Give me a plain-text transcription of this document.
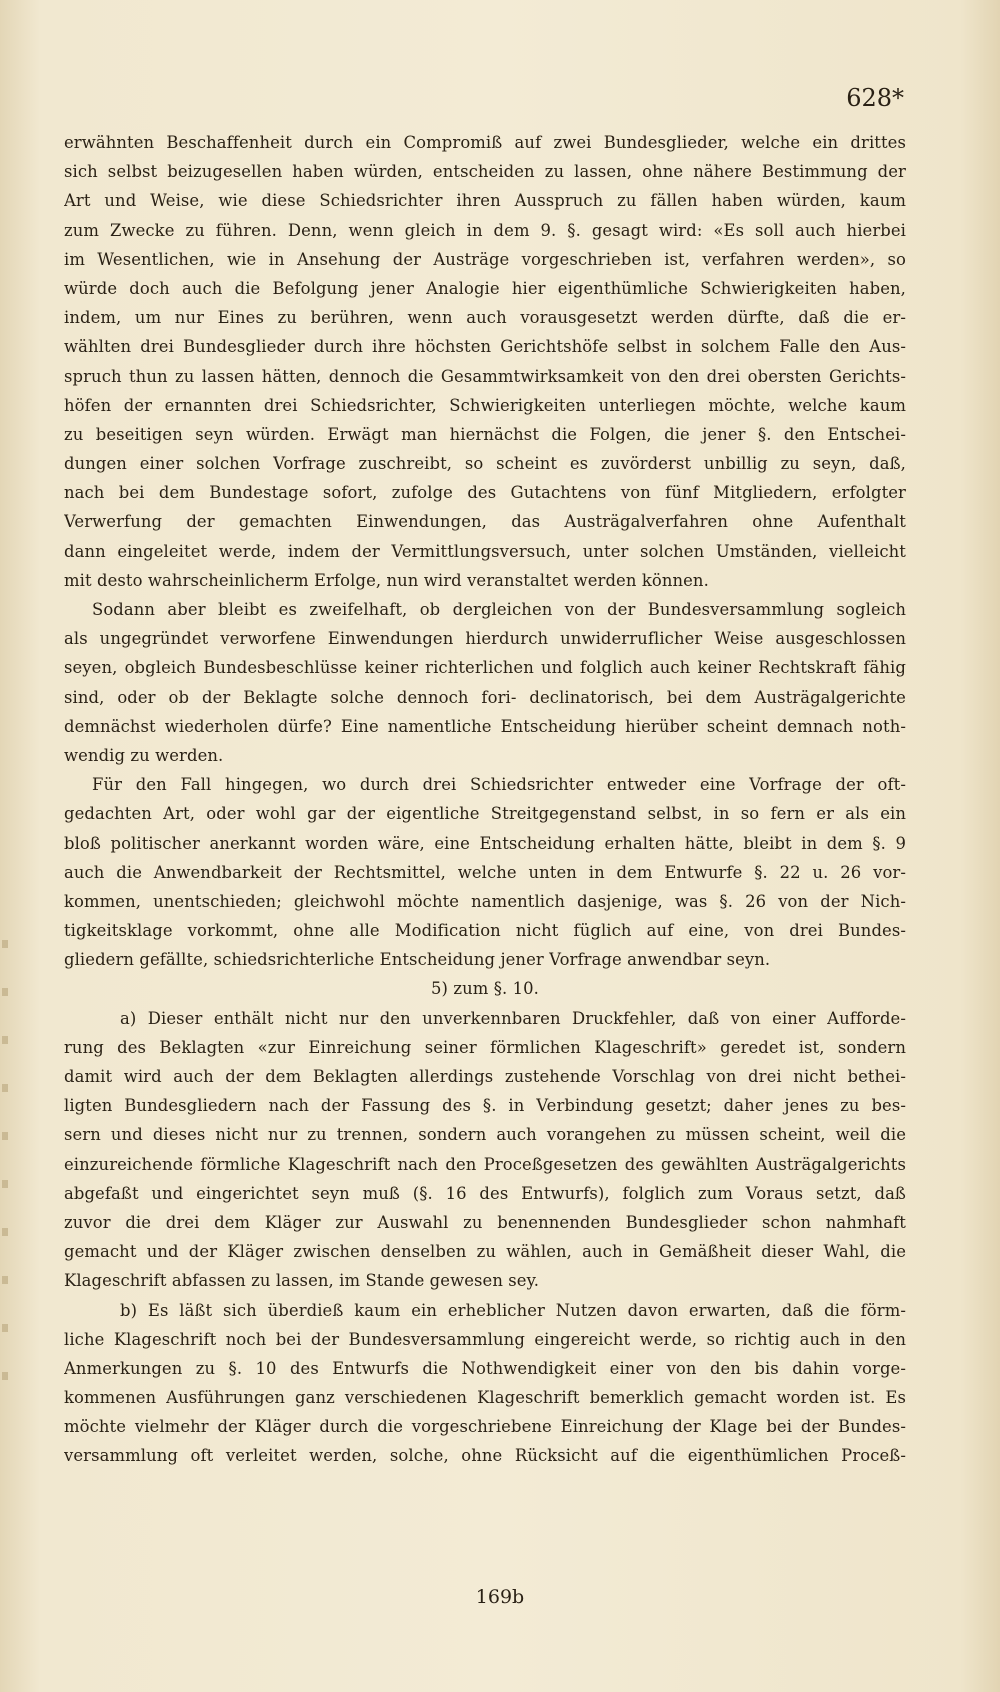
628*
erwähnten Beschaffenheit durch ein Compromiß auf zwei Bundesglieder, welche ein drittes
sich selbst beizugesellen haben würden, entscheiden zu lassen, ohne nähere Bestimmung der
Art und Weise, wie diese Schiedsrichter ihren Ausspruch zu fällen haben würden, kaum
zum Zwecke zu führen. Denn, wenn gleich in dem 9. §. gesagt wird: «Es soll auch hierbei
im Wesentlichen, wie in Ansehung der Austräge vorgeschrieben ist, verfahren werden», so
würde doch auch die Befolgung jener Analogie hier eigenthümliche Schwierigkeiten haben,
indem, um nur Eines zu berühren, wenn auch vorausgesetzt werden dürfte, daß die er-
wählten drei Bundesglieder durch ihre höchsten Gerichtshöfe selbst in solchem Falle den Aus-
spruch thun zu lassen hätten, dennoch die Gesammtwirksamkeit von den drei obersten Gerichts-
höfen der ernannten drei Schiedsrichter, Schwierigkeiten unterliegen möchte, welche kaum
zu beseitigen seyn würden. Erwägt man hiernächst die Folgen, die jener §. den Entschei-
dungen einer solchen Vorfrage zuschreibt, so scheint es zuvörderst unbillig zu seyn, daß,
nach bei dem Bundestage sofort, zufolge des Gutachtens von fünf Mitgliedern, erfolgter
Verwerfung der gemachten Einwendungen, das Austrägalverfahren ohne Aufenthalt
dann eingeleitet werde, indem der Vermittlungsversuch, unter solchen Umständen, vielleicht
mit desto wahrscheinlicherm Erfolge, nun wird veranstaltet werden können.
Sodann aber bleibt es zweifelhaft, ob dergleichen von der Bundesversammlung sogleich
als ungegründet verworfene Einwendungen hierdurch unwiderruflicher Weise ausgeschlossen
seyen, obgleich Bundesbeschlüsse keiner richterlichen und folglich auch keiner Rechtskraft fähig
sind, oder ob der Beklagte solche dennoch fori- declinatorisch, bei dem Austrägalgerichte
demnächst wiederholen dürfe? Eine namentliche Entscheidung hierüber scheint demnach noth-
wendig zu werden.
Für den Fall hingegen, wo durch drei Schiedsrichter entweder eine Vorfrage der oft-
gedachten Art, oder wohl gar der eigentliche Streitgegenstand selbst, in so fern er als ein
bloß politischer anerkannt worden wäre, eine Entscheidung erhalten hätte, bleibt in dem §. 9
auch die Anwendbarkeit der Rechtsmittel, welche unten in dem Entwurfe §. 22 u. 26 vor-
kommen, unentschieden; gleichwohl möchte namentlich dasjenige, was §. 26 von der Nich-
tigkeitsklage vorkommt, ohne alle Modification nicht füglich auf eine, von drei Bundes-
gliedern gefällte, schiedsrichterliche Entscheidung jener Vorfrage anwendbar seyn.
5) zum §. 10.
a) Dieser enthält nicht nur den unverkennbaren Druckfehler, daß von einer Aufforde-
rung des Beklagten «zur Einreichung seiner förmlichen Klageschrift» geredet ist, sondern
damit wird auch der dem Beklagten allerdings zustehende Vorschlag von drei nicht bethei-
ligten Bundesgliedern nach der Fassung des §. in Verbindung gesetzt; daher jenes zu bes-
sern und dieses nicht nur zu trennen, sondern auch vorangehen zu müssen scheint, weil die
einzureichende förmliche Klageschrift nach den Proceßgesetzen des gewählten Austrägalgerichts
abgefaßt und eingerichtet seyn muß (§. 16 des Entwurfs), folglich zum Voraus setzt, daß
zuvor die drei dem Kläger zur Auswahl zu benennenden Bundesglieder schon nahmhaft
gemacht und der Kläger zwischen denselben zu wählen, auch in Gemäßheit dieser Wahl, die
Klageschrift abfassen zu lassen, im Stande gewesen sey.
b) Es läßt sich überdieß kaum ein erheblicher Nutzen davon erwarten, daß die förm-
liche Klageschrift noch bei der Bundesversammlung eingereicht werde, so richtig auch in den
Anmerkungen zu §. 10 des Entwurfs die Nothwendigkeit einer von den bis dahin vorge-
kommenen Ausführungen ganz verschiedenen Klageschrift bemerklich gemacht worden ist. Es
möchte vielmehr der Kläger durch die vorgeschriebene Einreichung der Klage bei der Bundes-
versammlung oft verleitet werden, solche, ohne Rücksicht auf die eigenthümlichen Proceß-
169b
